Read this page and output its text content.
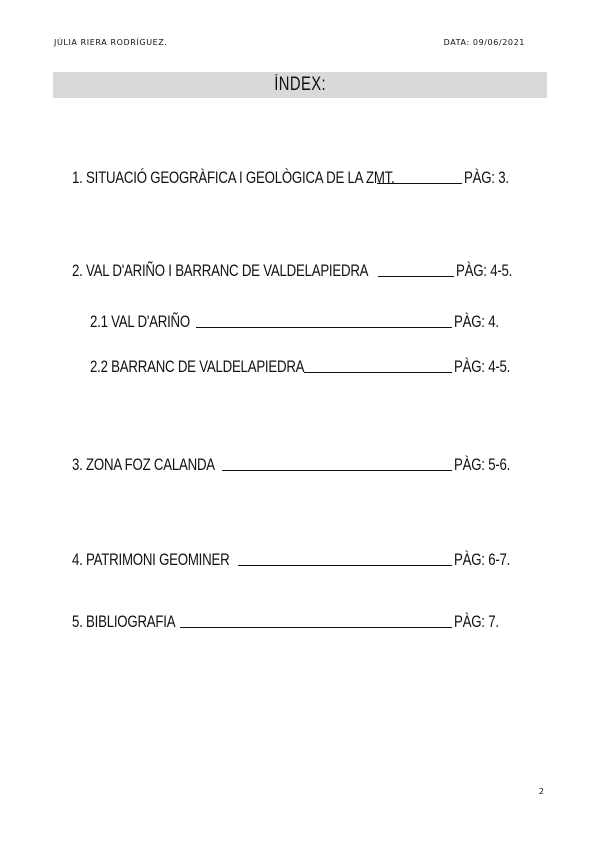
JÚLIA RIERA RODRÍGUEZ.	DATA: 09/06/2021
ÍNDEX:
1. SITUACIÓ GEOGRÀFICA I GEOLÒGICA DE LA ZMT.	PÀG: 3.
2. VAL D'ARIÑO I BARRANC DE VALDELAPIEDRA	PÀG: 4-5.
2.1 VAL D'ARIÑO	PÀG: 4.
2.2 BARRANC DE VALDELAPIEDRA	PÀG: 4-5.
3. ZONA FOZ CALANDA	PÀG: 5-6.
4. PATRIMONI GEOMINER	PÀG: 6-7.
5. BIBLIOGRAFIA	PÀG: 7.
2
